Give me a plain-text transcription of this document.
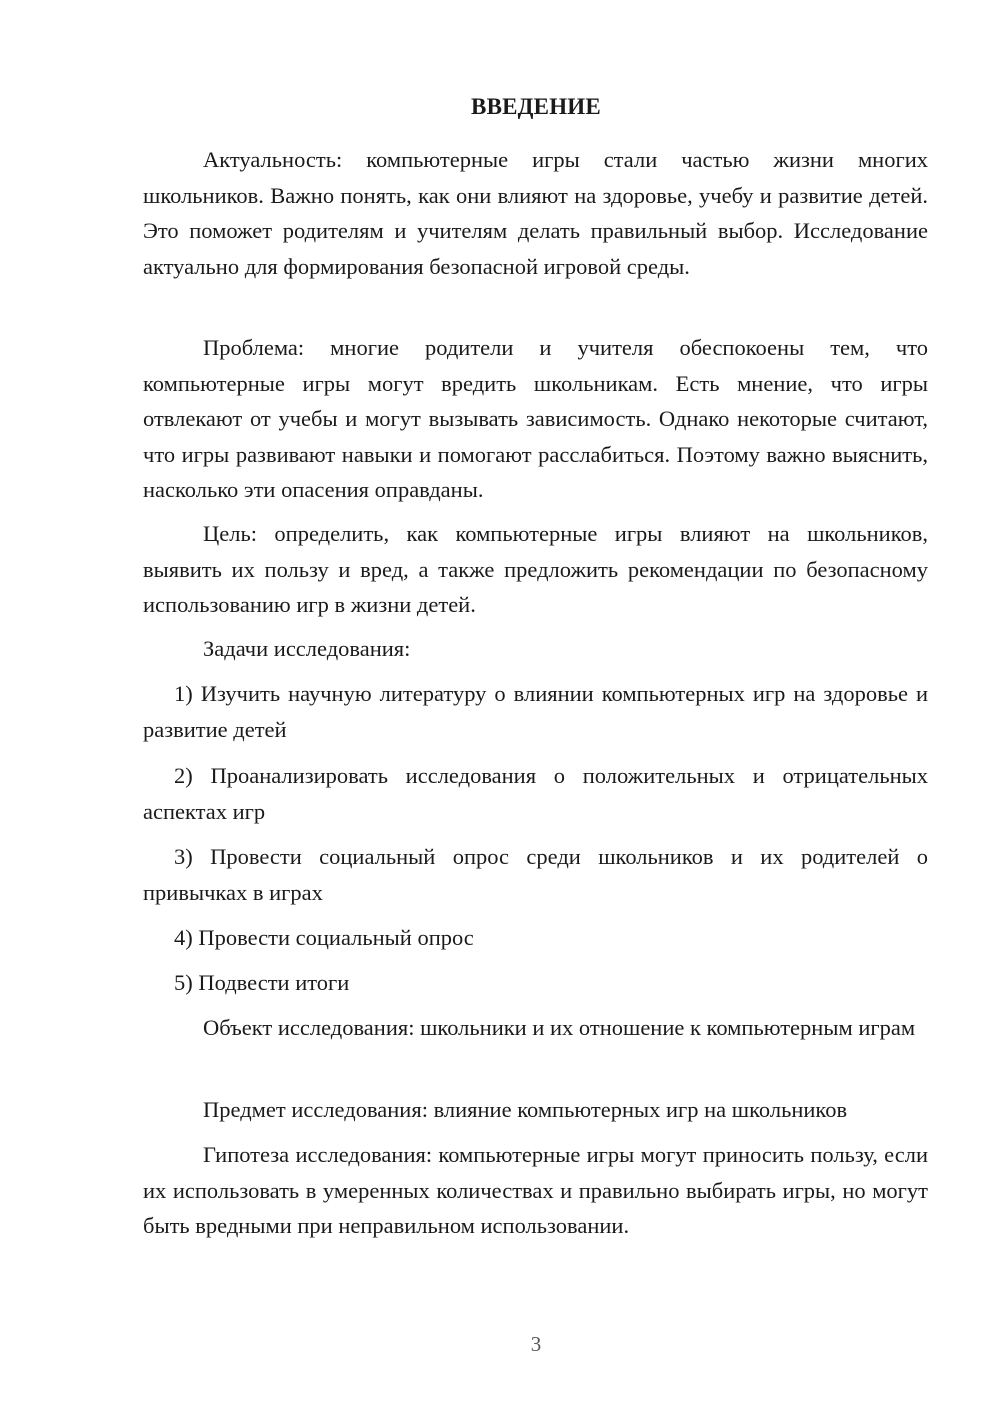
ВВЕДЕНИЕ

Актуальность: компьютерные игры стали частью жизни многих школьников. Важно понять, как они влияют на здоровье, учебу и развитие детей. Это поможет родителям и учителям делать правильный выбор. Исследование актуально для формирования безопасной игровой среды.

Проблема: многие родители и учителя обеспокоены тем, что компьютерные игры могут вредить школьникам. Есть мнение, что игры отвлекают от учебы и могут вызывать зависимость. Однако некоторые считают, что игры развивают навыки и помогают расслабиться. Поэтому важно выяснить, насколько эти опасения оправданы.

Цель: определить, как компьютерные игры влияют на школьников, выявить их пользу и вред, а также предложить рекомендации по безопасному использованию игр в жизни детей.

Задачи исследования:

1) Изучить научную литературу о влиянии компьютерных игр на здоровье и развитие детей

2) Проанализировать исследования о положительных и отрицательных аспектах игр

3) Провести социальный опрос среди школьников и их родителей о привычках в играх

4) Провести социальный опрос

5) Подвести итоги

Объект исследования: школьники и их отношение к компьютерным играм

Предмет исследования: влияние компьютерных игр на школьников

Гипотеза исследования: компьютерные игры могут приносить пользу, если их использовать в умеренных количествах и правильно выбирать игры, но могут быть вредными при неправильном использовании.

3
